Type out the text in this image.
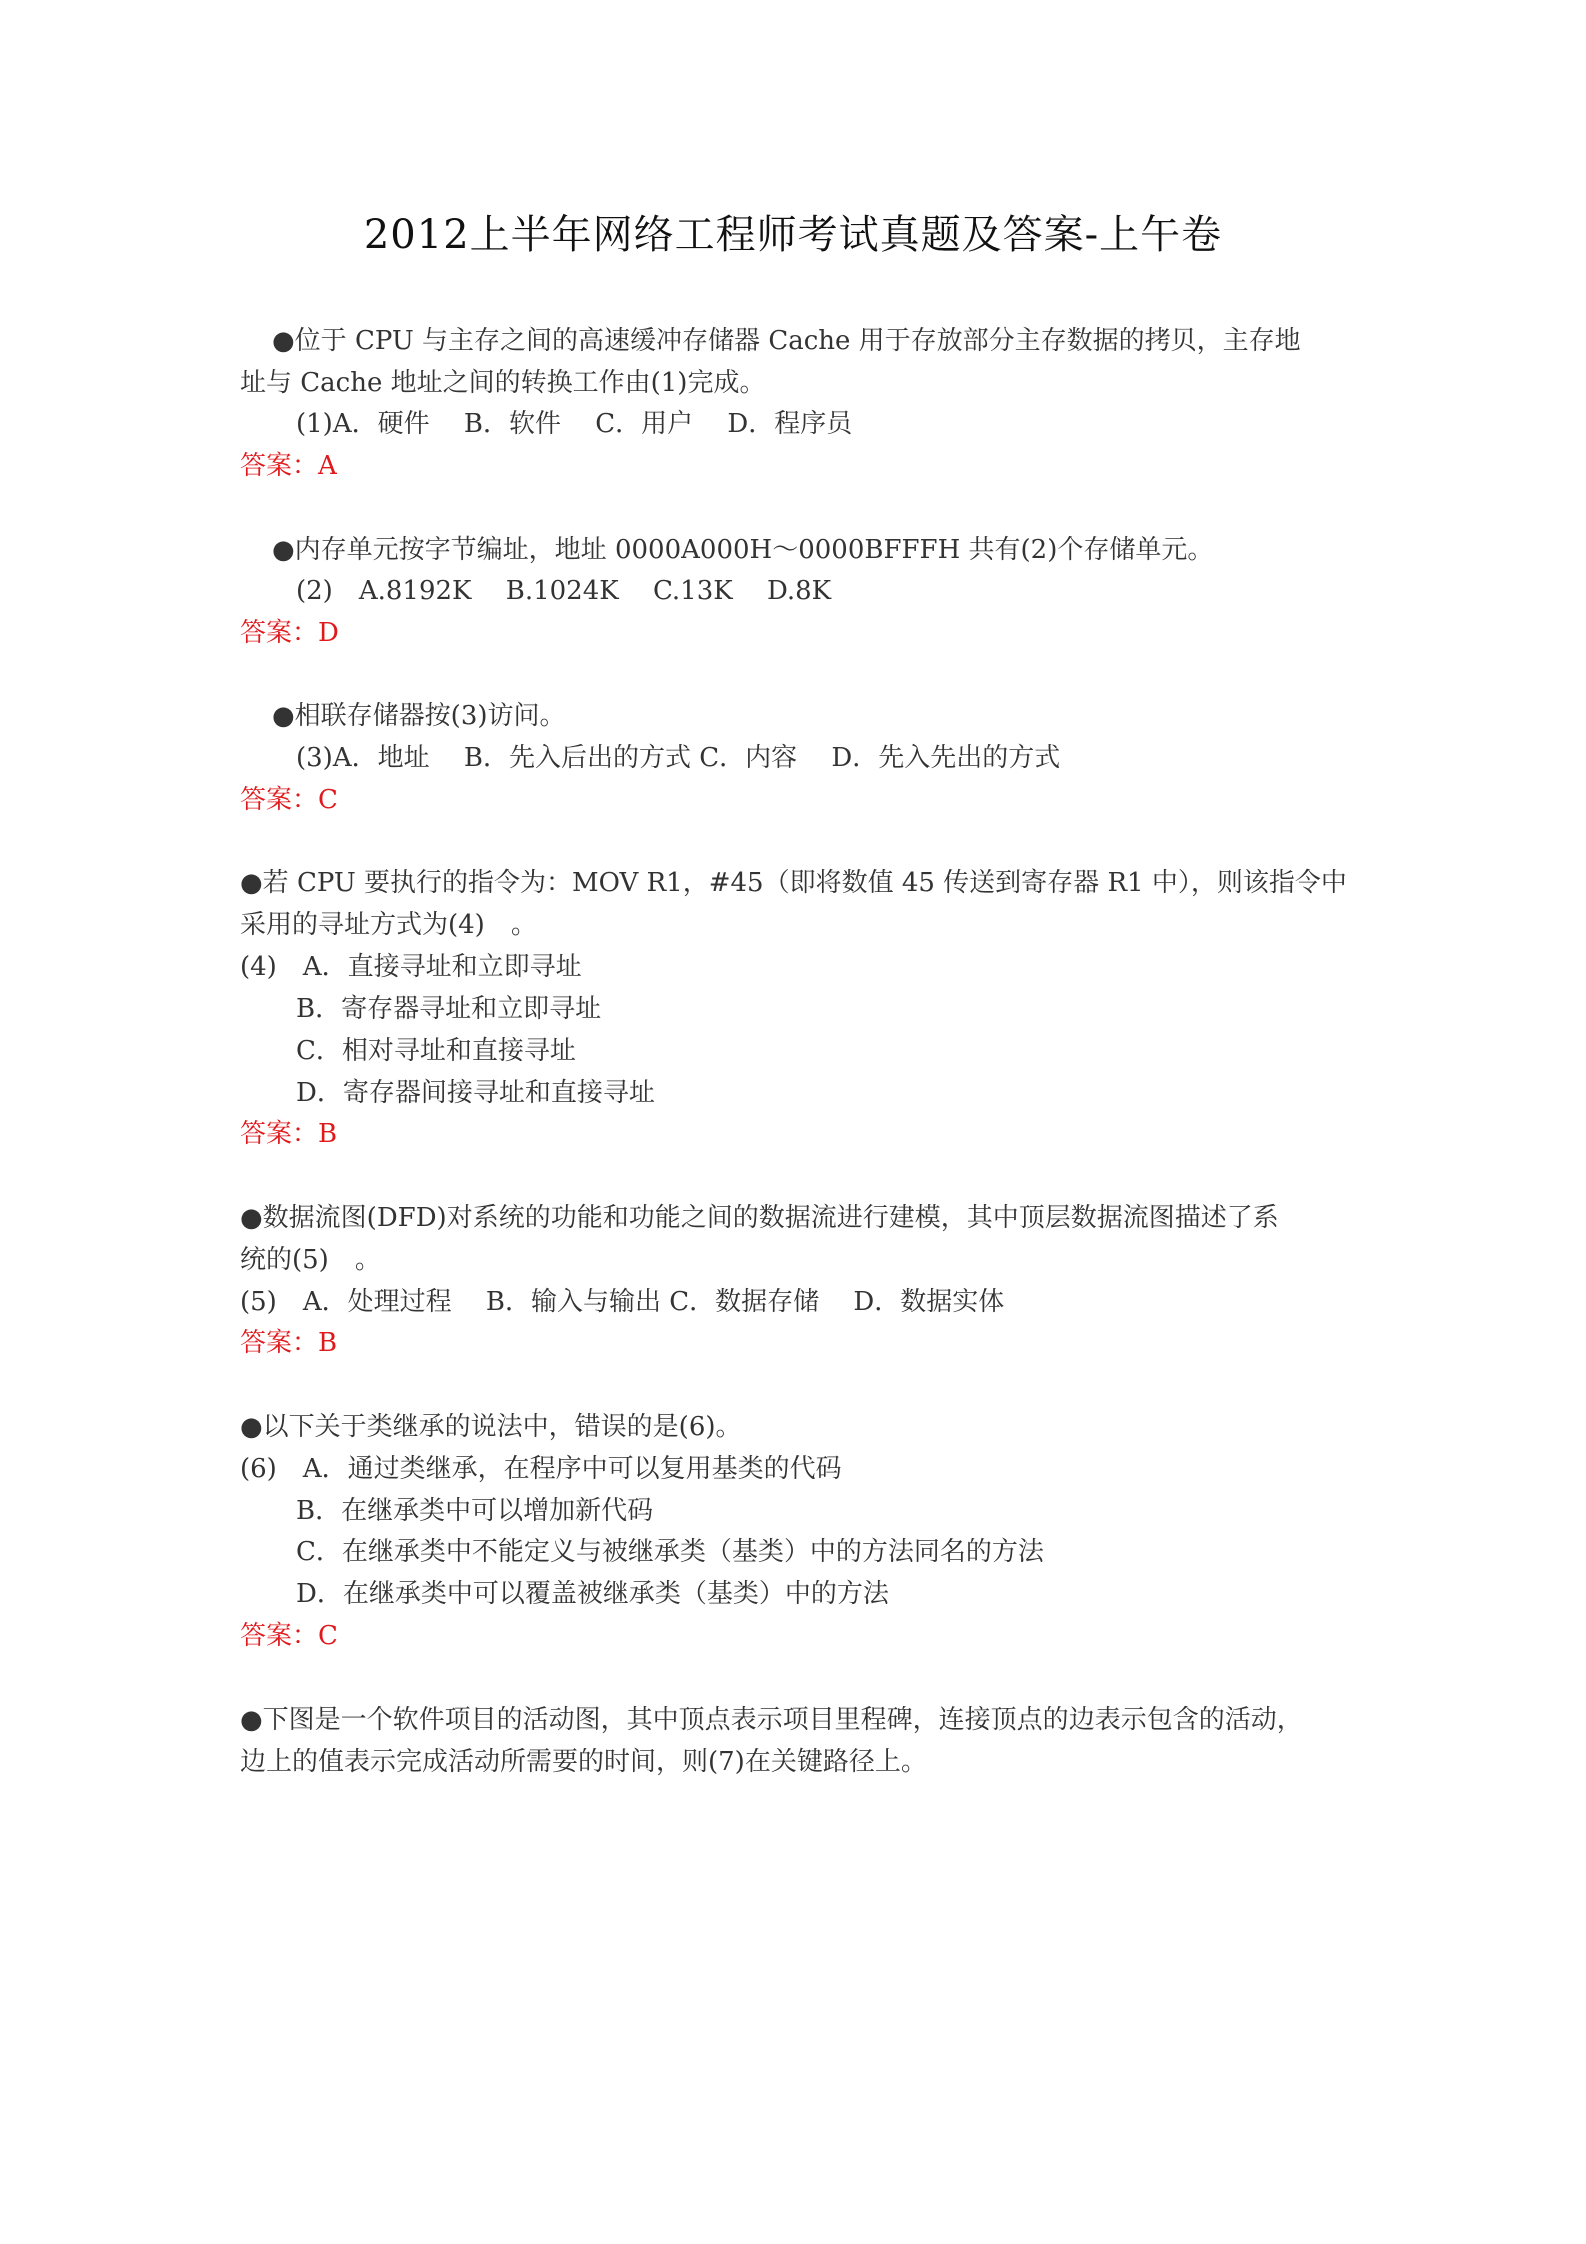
2012上半年网络工程师考试真题及答案-上午卷
●位于 CPU 与主存之间的高速缓冲存储器 Cache 用于存放部分主存数据的拷贝，主存地
址与 Cache 地址之间的转换工作由(1)完成。
(1)A．硬件　 B．软件　 C．用户　 D．程序员
答案：A
●内存单元按字节编址，地址 0000A000H～0000BFFFH 共有(2)个存储单元。
(2)　A.8192K　 B.1024K　 C.13K　 D.8K
答案：D
●相联存储器按(3)访问。
(3)A．地址　 B．先入后出的方式 C．内容　 D．先入先出的方式
答案：C
●若 CPU 要执行的指令为：MOV R1，#45（即将数值 45 传送到寄存器 R1 中），则该指令中
采用的寻址方式为(4)　。
(4)　A．直接寻址和立即寻址
B．寄存器寻址和立即寻址
C．相对寻址和直接寻址
D．寄存器间接寻址和直接寻址
答案：B
●数据流图(DFD)对系统的功能和功能之间的数据流进行建模，其中顶层数据流图描述了系
统的(5)　。
(5)　A．处理过程　 B．输入与输出 C．数据存储　 D．数据实体
答案：B
●以下关于类继承的说法中，错误的是(6)。
(6)　A．通过类继承，在程序中可以复用基类的代码
B．在继承类中可以增加新代码
C．在继承类中不能定义与被继承类（基类）中的方法同名的方法
D．在继承类中可以覆盖被继承类（基类）中的方法
答案：C
●下图是一个软件项目的活动图，其中顶点表示项目里程碑，连接顶点的边表示包含的活动，
边上的值表示完成活动所需要的时间，则(7)在关键路径上。
